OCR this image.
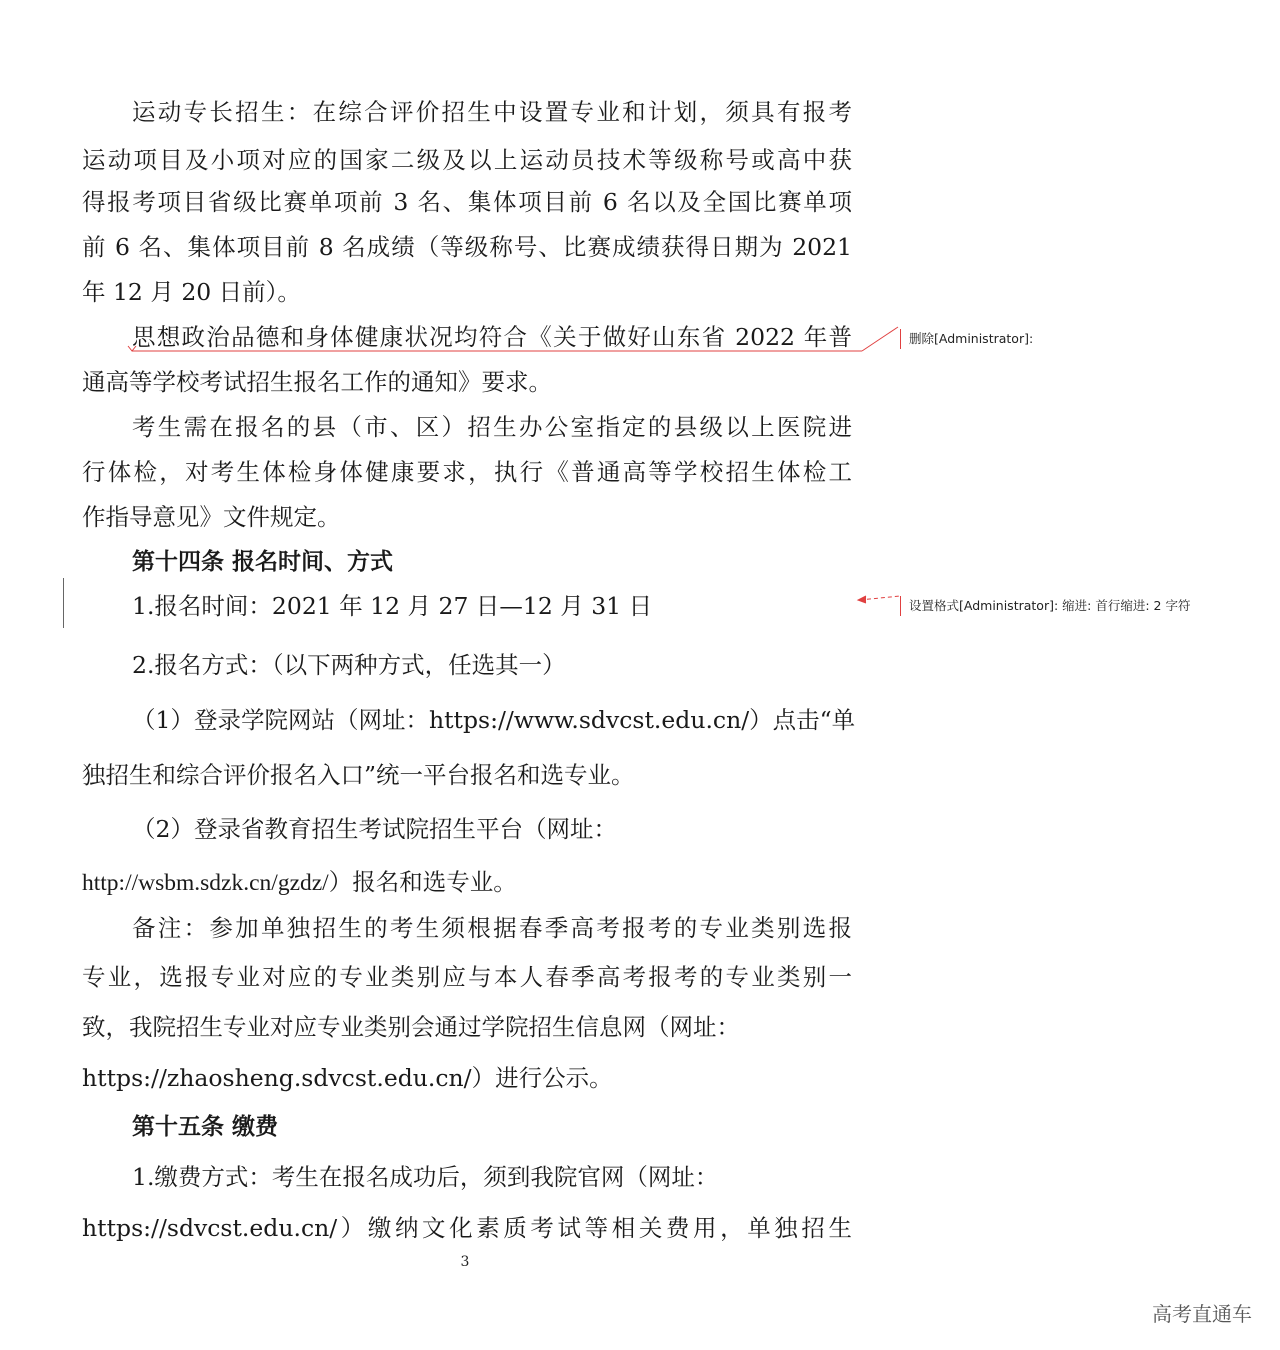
运动专长招生：在综合评价招生中设置专业和计划，须具有报考
运动项目及小项对应的国家二级及以上运动员技术等级称号或高中获
得报考项目省级比赛单项前 3 名、集体项目前 6 名以及全国比赛单项
前 6 名、集体项目前 8 名成绩（等级称号、比赛成绩获得日期为 2021
年 12 月 20 日前）。
思想政治品德和身体健康状况均符合《关于做好山东省 2022 年普
通高等学校考试招生报名工作的通知》要求。
考生需在报名的县（市、区）招生办公室指定的县级以上医院进
行体检，对考生体检身体健康要求，执行《普通高等学校招生体检工
作指导意见》文件规定。
第十四条 报名时间、方式
1.报名时间：2021 年 12 月 27 日—12 月 31 日
2.报名方式：（以下两种方式，任选其一）
（1）登录学院网站（网址：https://www.sdvcst.edu.cn/）点击“单
独招生和综合评价报名入口”统一平台报名和选专业。
（2）登录省教育招生考试院招生平台（网址：
http://wsbm.sdzk.cn/gzdz/）报名和选专业。
备注：参加单独招生的考生须根据春季高考报考的专业类别选报
专业，选报专业对应的专业类别应与本人春季高考报考的专业类别一
致，我院招生专业对应专业类别会通过学院招生信息网（网址：
https://zhaosheng.sdvcst.edu.cn/）进行公示。
第十五条 缴费
1.缴费方式：考生在报名成功后，须到我院官网（网址：
https://sdvcst.edu.cn/）缴纳文化素质考试等相关费用，单独招生
3
删除[Administrator]:
设置格式[Administrator]: 缩进: 首行缩进: 2 字符
高考直通车
